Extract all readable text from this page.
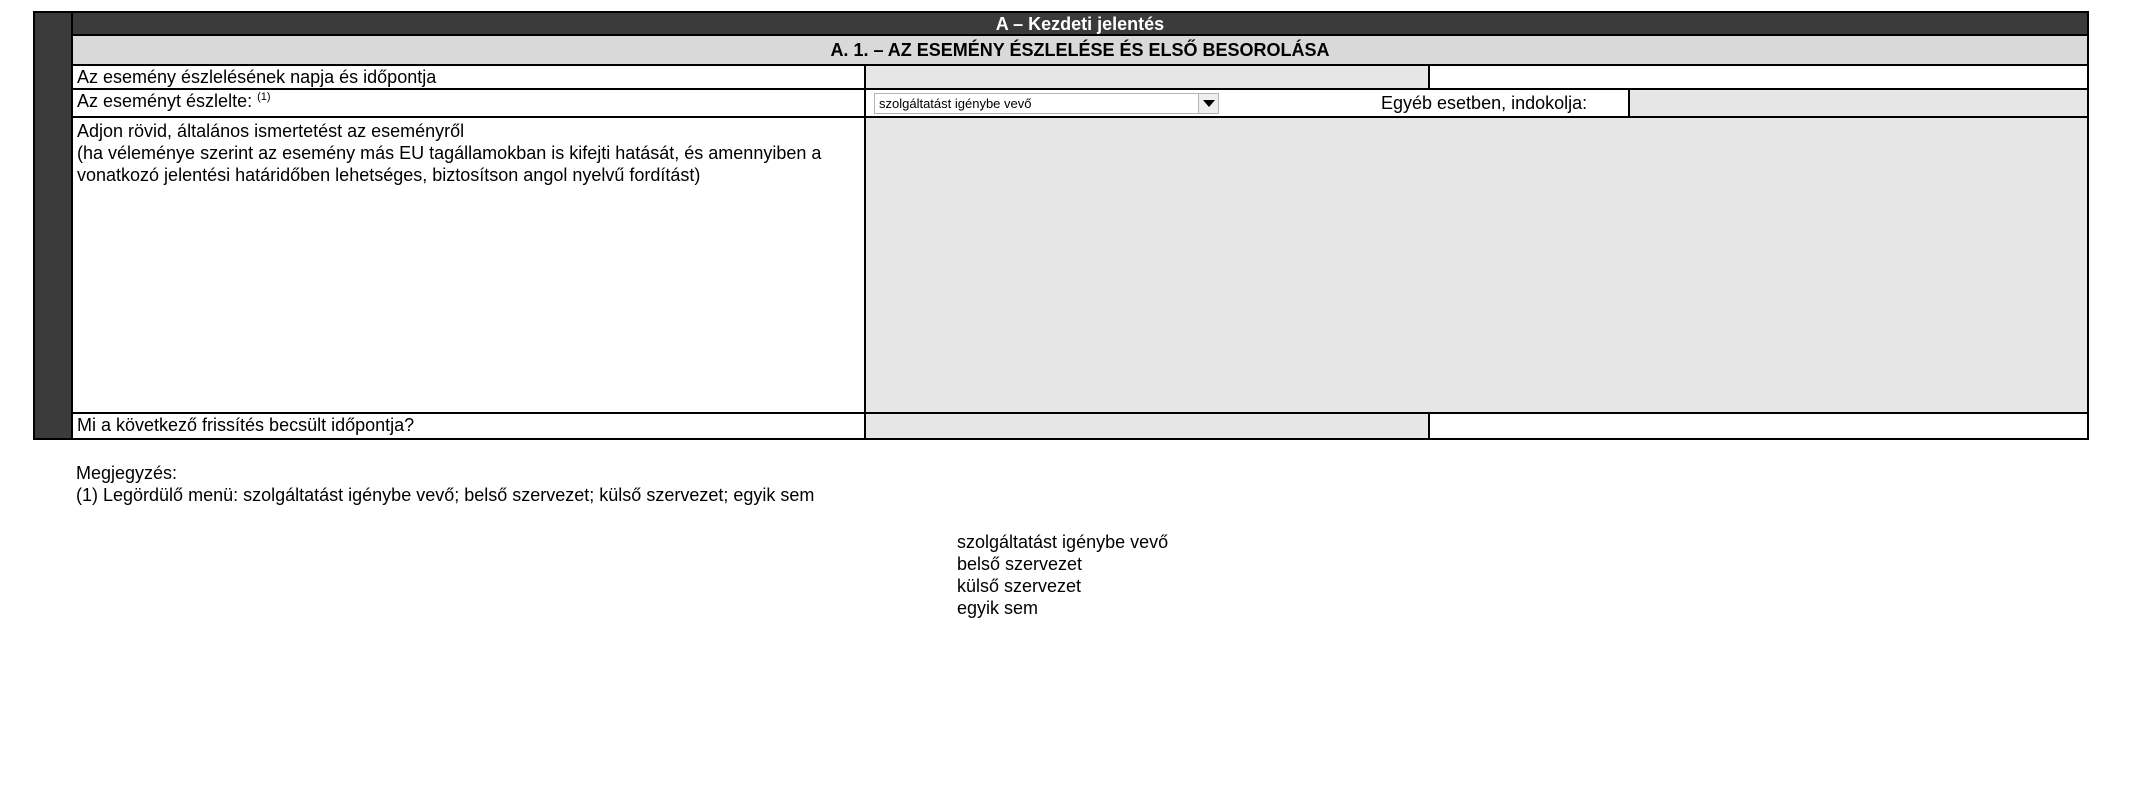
A – Kezdeti jelentés
A. 1. – AZ ESEMÉNY ÉSZLELÉSE ÉS ELSŐ BESOROLÁSA
Az esemény észlelésének napja és időpontja
Az eseményt észlelte: $^{(1)}$	szolgáltatást igénybe vevő	Egyéb esetben, indokolja:

Adjon rövid, általános ismertetést az eseményről

(ha véleménye szerint az esemény más EU tagállamokban is kifejti hatását, és amennyiben a vonatkozó jelentési határidőben lehetséges, biztosítson angol nyelvű fordítást)

Mi a következő frissítés becsült időpontja?
Megjegyzés:
(1) Legördülő menü: szolgáltatást igénybe vevő; belső szervezet; külső szervezet; egyik sem
szolgáltatást igénybe vevő
belső szervezet
külső szervezet
egyik sem
